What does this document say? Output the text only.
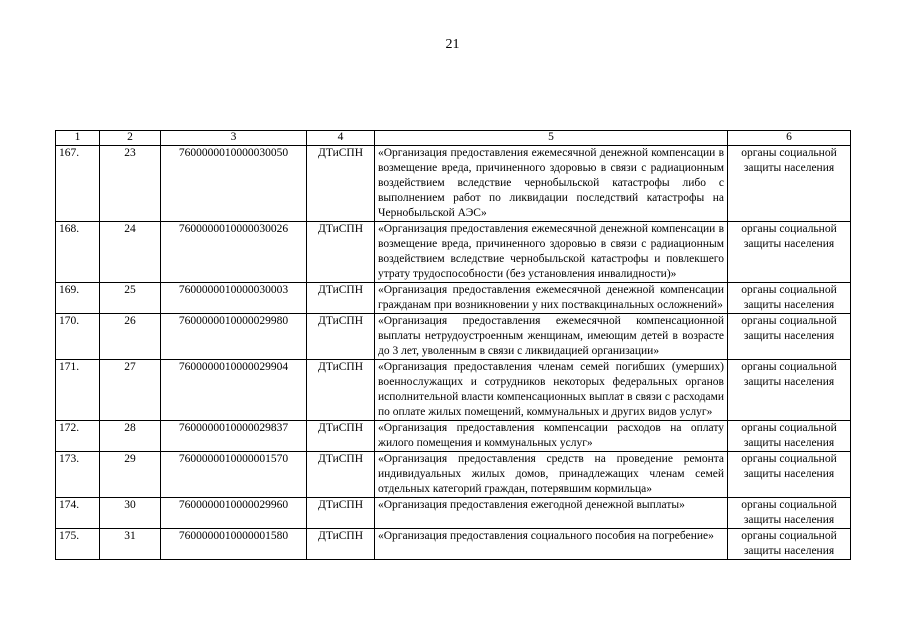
21
1	2	3	4	5	6
167.	23	7600000010000030050	ДТиСПН	«Организация предоставления ежемесячной денежной компенсации в возмещение вреда, причиненного здоровью в связи с радиационным воздействием вследствие чернобыльской катастрофы либо с выполнением работ по ликвидации последствий катастрофы на Чернобыльской АЭС»	органы социальной защиты населения
168.	24	7600000010000030026	ДТиСПН	«Организация предоставления ежемесячной денежной компенсации в возмещение вреда, причиненного здоровью в связи с радиационным воздействием вследствие чернобыльской катастрофы и повлекшего утрату трудоспособности (без установления инвалидности)»	органы социальной защиты населения
169.	25	7600000010000030003	ДТиСПН	«Организация предоставления ежемесячной денежной компенсации гражданам при возникновении у них поствакцинальных осложнений»	органы социальной защиты населения
170.	26	7600000010000029980	ДТиСПН	«Организация предоставления ежемесячной компенсационной выплаты нетрудоустроенным женщинам, имеющим детей в возрасте до 3 лет, уволенным в связи с ликвидацией организации»	органы социальной защиты населения
171.	27	7600000010000029904	ДТиСПН	«Организация предоставления членам семей погибших (умерших) военнослужащих и сотрудников некоторых федеральных органов исполнительной власти компенсационных выплат в связи с расходами по оплате жилых помещений, коммунальных и других видов услуг»	органы социальной защиты населения
172.	28	7600000010000029837	ДТиСПН	«Организация предоставления компенсации расходов на оплату жилого помещения и коммунальных услуг»	органы социальной защиты населения
173.	29	7600000010000001570	ДТиСПН	«Организация предоставления средств на проведение ремонта индивидуальных жилых домов, принадлежащих членам семей отдельных категорий граждан, потерявшим кормильца»	органы социальной защиты населения
174.	30	7600000010000029960	ДТиСПН	«Организация предоставления ежегодной денежной выплаты»	органы социальной защиты населения
175.	31	7600000010000001580	ДТиСПН	«Организация предоставления социального пособия на погребение»	органы социальной защиты населения
